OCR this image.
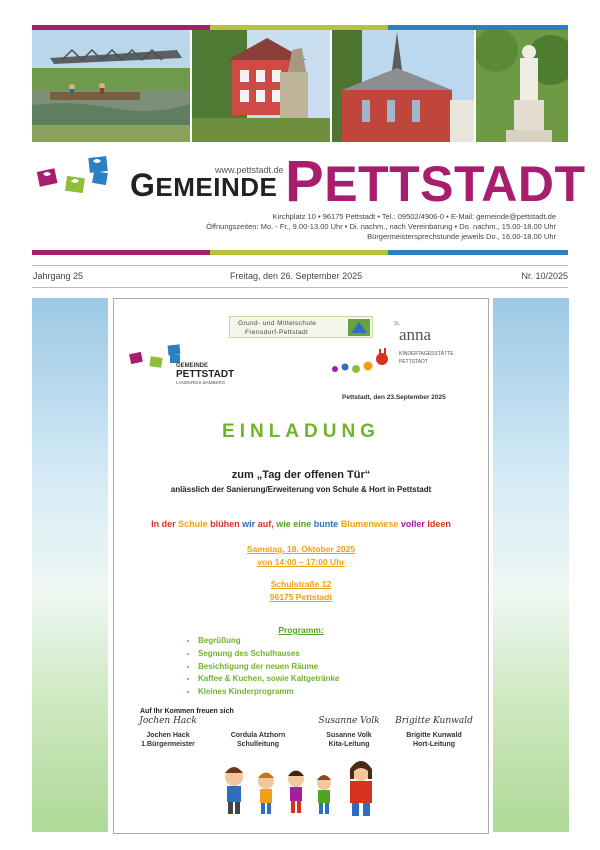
www.pettstadt.de
GEMEINDE PETTSTADT
Kirchplatz 10 • 96175 Pettstadt • Tel.: 09502/4906-0 • E-Mail: gemeinde@pettstadt.de
Öffnungszeiten: Mo. - Fr., 9.00-13.00 Uhr • Di. nachm., nach Vereinbarung • Do. nachm., 15.00-18.00 Uhr
Bürgermeistersprechstunde jeweils Do., 16.00-18.00 Uhr
Jahrgang 25	Freitag, den 26. September 2025	Nr. 10/2025
Grund- und Mittelschule
Frensdorf-Pettstadt
GEMEINDE
PETTSTADT
LANDKREIS BAMBERG
St.
anna
KINDERTAGESSTÄTTE
PETTSTADT
Pettstadt, den 23.September 2025
EINLADUNG
zum „Tag der offenen Tür“
anlässlich der Sanierung/Erweiterung von Schule & Hort in Pettstadt
In der Schule blühen wir auf, wie eine bunte Blumenwiese voller Ideen
Samstag, 18. Oktober 2025
von 14:00 – 17:00 Uhr
Schulstraße 12
96175 Pettstadt
Programm:
• Begrüßung
• Segnung des Schulhauses
• Besichtigung der neuen Räume
• Kaffee & Kuchen, sowie Kaltgetränke
• Kleines Kinderprogramm
Auf Ihr Kommen freuen sich
Jochen Hack
Jochen Hack
1.Bürgermeister
Cordula Atzhorn
Schulleitung
Susanne Volk
Susanne Volk
Kita-Leitung
Brigitte Kunwald
Brigitte Kunwald
Hort-Leitung
